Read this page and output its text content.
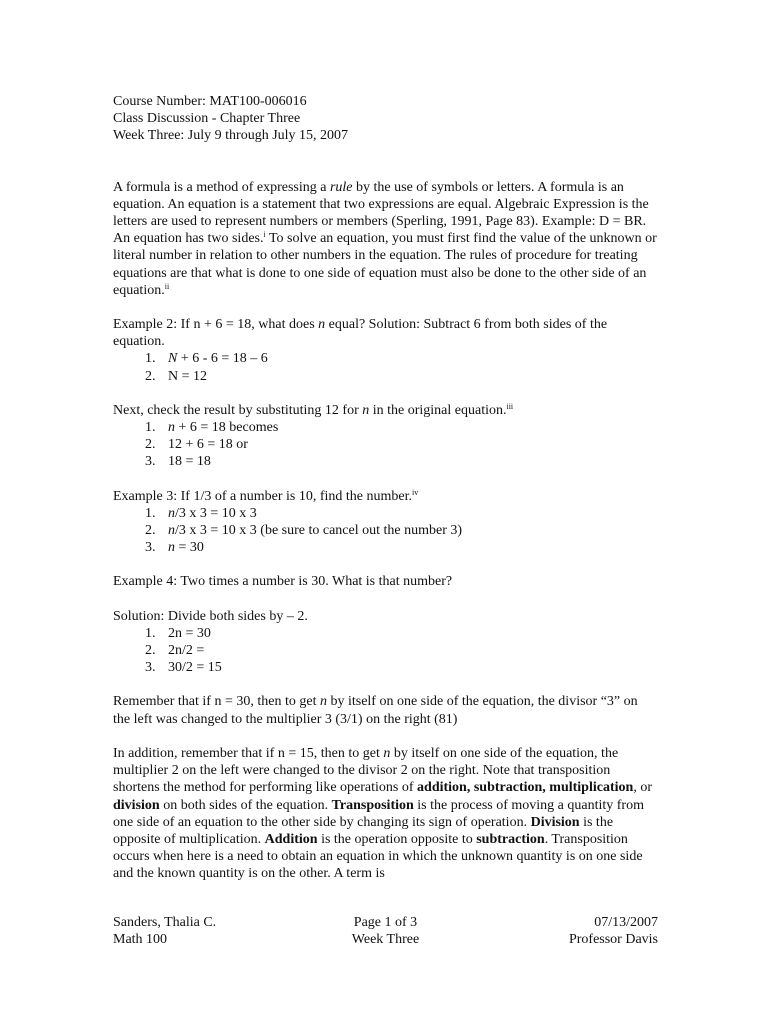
Course Number: MAT100-006016
Class Discussion - Chapter Three
Week Three: July 9 through July 15, 2007

A formula is a method of expressing a rule by the use of symbols or letters. A formula is an equation. An equation is a statement that two expressions are equal. Algebraic Expression is the letters are used to represent numbers or members (Sperling, 1991, Page 83). Example: D = BR. An equation has two sides.$^i$ To solve an equation, you must first find the value of the unknown or literal number in relation to other numbers in the equation. The rules of procedure for treating equations are that what is done to one side of equation must also be done to the other side of an equation.$^{ii}$

Example 2: If n + 6 = 18, what does n equal? Solution: Subtract 6 from both sides of the equation.

1. N + 6 - 6 = 18 – 6
2. N = 12

Next, check the result by substituting 12 for n in the original equation.$^{iii}$

1. n + 6 = 18 becomes
2. 12 + 6 = 18 or
3. 18 = 18

Example 3: If 1/3 of a number is 10, find the number.$^{iv}$

1. n/3 x 3 = 10 x 3
2. n/3 x 3 = 10 x 3 (be sure to cancel out the number 3)
3. n = 30

Example 4: Two times a number is 30. What is that number?

Solution: Divide both sides by – 2.

1. 2n = 30
2. 2n/2 =
3. 30/2 = 15

Remember that if n = 30, then to get n by itself on one side of the equation, the divisor “3” on the left was changed to the multiplier 3 (3/1) on the right (81)

In addition, remember that if n = 15, then to get n by itself on one side of the equation, the multiplier 2 on the left were changed to the divisor 2 on the right. Note that transposition shortens the method for performing like operations of addition, subtraction, multiplication, or division on both sides of the equation. Transposition is the process of moving a quantity from one side of an equation to the other side by changing its sign of operation. Division is the opposite of multiplication. Addition is the operation opposite to subtraction. Transposition occurs when here is a need to obtain an equation in which the unknown quantity is on one side and the known quantity is on the other. A term is

Sanders, Thalia C.	Page 1 of 3	07/13/2007
Math 100	Week Three	Professor Davis
